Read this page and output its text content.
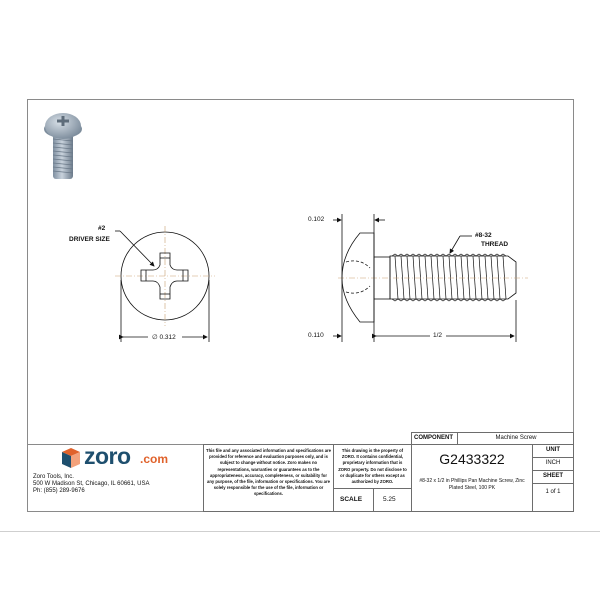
#2
DRIVER SIZE
∅ 0.312
0.102
0.110
#8-32
THREAD
1/2
zoro .com
Zoro Tools, Inc.
500 W Madison St, Chicago, IL 60661, USA
Ph: (855) 289-9676
This file and any associated information and specifications are provided for reference and evaluation purposes only, and is subject to change without notice. Zoro makes no representations, warranties or guarantees as to the appropriateness, accuracy, completeness, or suitability for any purpose, of the file, information or specifications. You are solely responsible for the use of the file, information or specifications.
This drawing is the property of ZORO. It contains confidential, proprietary information that is ZORO property. Do not disclose to or duplicate for others except as authorized by ZORO.
SCALE	5.25
COMPONENT	Machine Screw
G2433322
#8-32 x 1/2 in Phillips Pan Machine Screw, Zinc Plated Steel, 100 PK
UNIT
INCH
SHEET
1 of 1
